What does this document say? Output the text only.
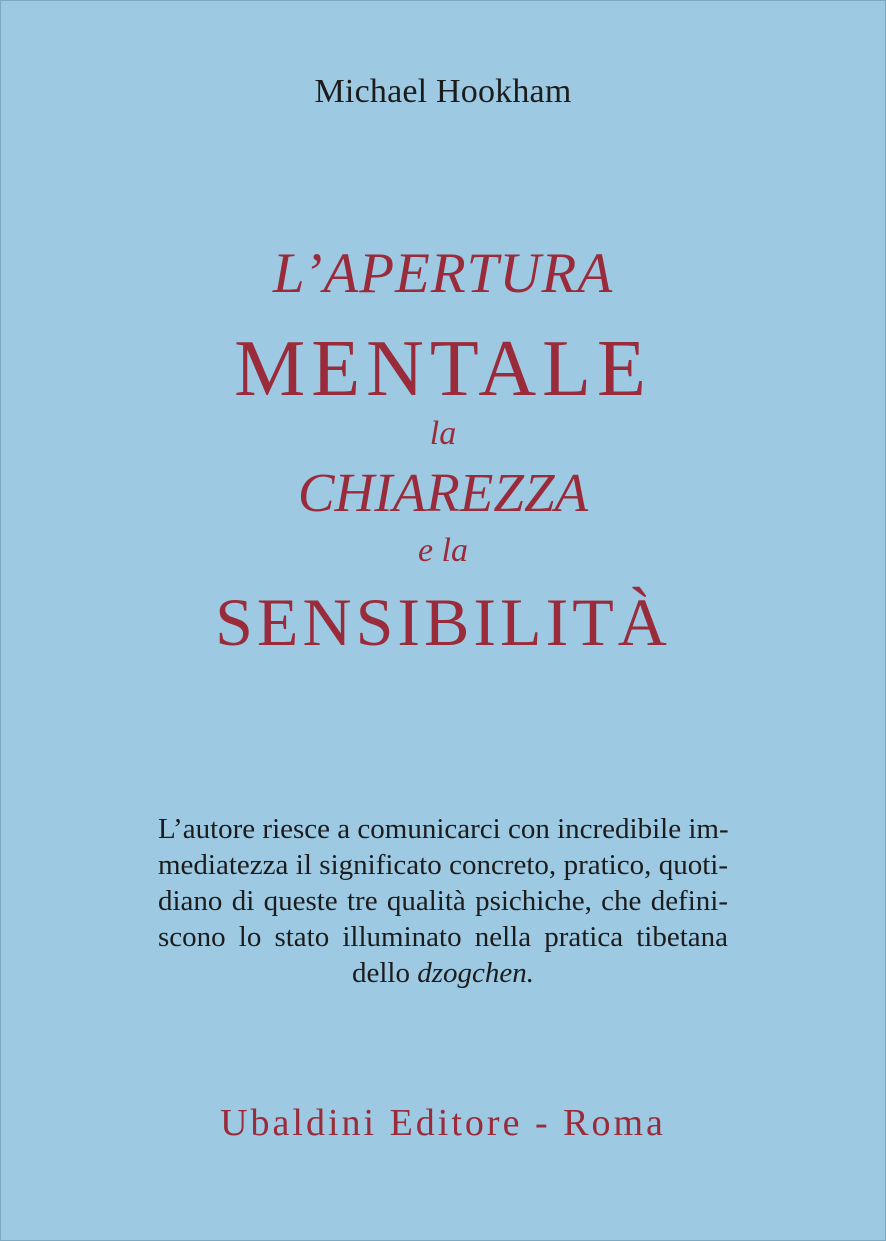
Michael Hookham
L’APERTURA
MENTALE
la
CHIAREZZA
e la
SENSIBILITÀ
L’autore riesce a comunicarci con incredibile im-
mediatezza il significato concreto, pratico, quoti-
diano di queste tre qualità psichiche, che defini-
scono lo stato illuminato nella pratica tibetana
dello dzogchen.
Ubaldini Editore - Roma
